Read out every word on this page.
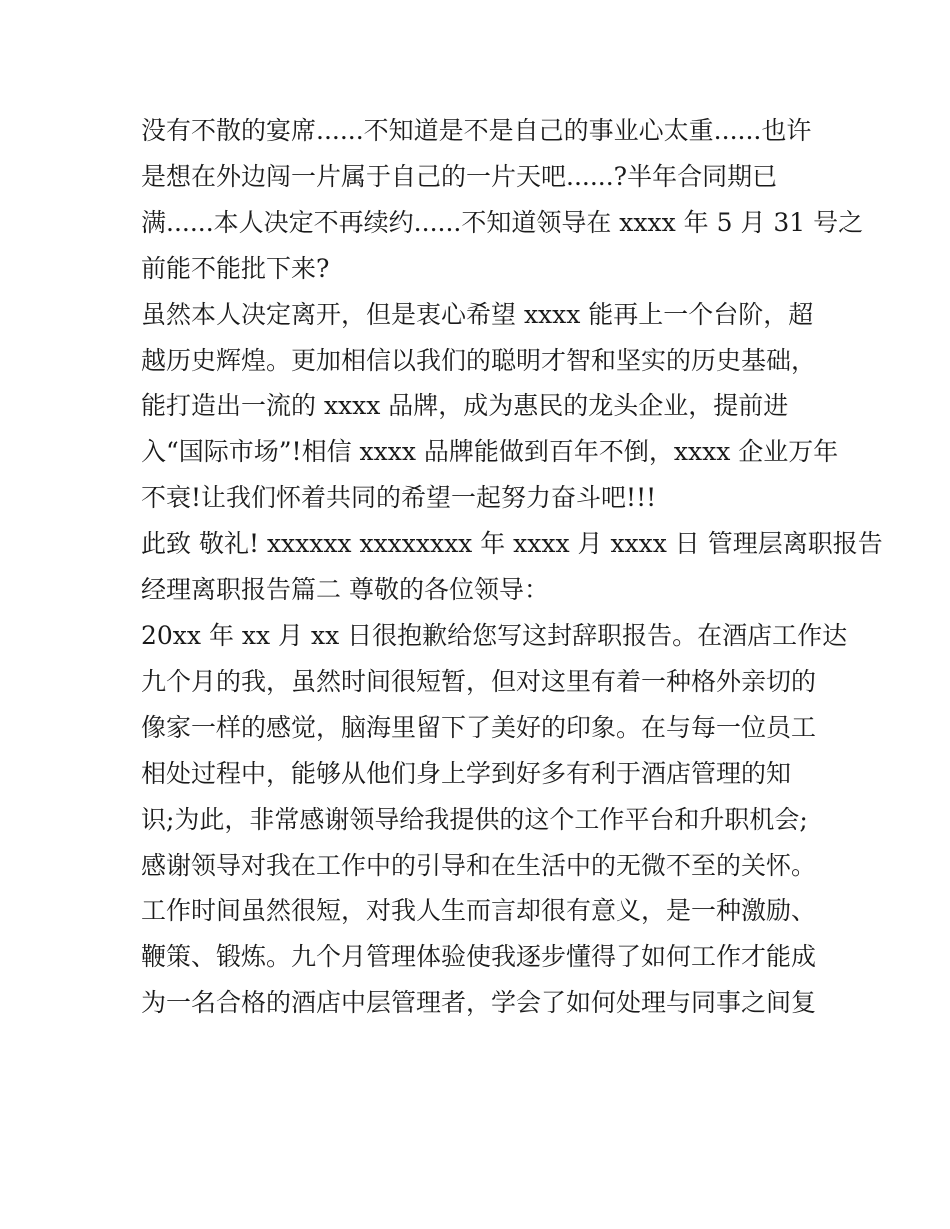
没有不散的宴席......不知道是不是自己的事业心太重......也许

是想在外边闯一片属于自己的一片天吧......?半年合同期已

满......本人决定不再续约......不知道领导在 xxxx 年 5 月 31 号之

前能不能批下来?

虽然本人决定离开，但是衷心希望 xxxx 能再上一个台阶，超

越历史辉煌。更加相信以我们的聪明才智和坚实的历史基础，

能打造出一流的 xxxx 品牌，成为惠民的龙头企业，提前进

入“国际市场”!相信 xxxx 品牌能做到百年不倒，xxxx 企业万年

不衰!让我们怀着共同的希望一起努力奋斗吧!!!

此致 敬礼! xxxxxx xxxxxxxx 年 xxxx 月 xxxx 日 管理层离职报告

经理离职报告篇二 尊敬的各位领导：

20xx 年 xx 月 xx 日很抱歉给您写这封辞职报告。在酒店工作达

九个月的我，虽然时间很短暂，但对这里有着一种格外亲切的

像家一样的感觉，脑海里留下了美好的印象。在与每一位员工

相处过程中，能够从他们身上学到好多有利于酒店管理的知

识;为此，非常感谢领导给我提供的这个工作平台和升职机会;

感谢领导对我在工作中的引导和在生活中的无微不至的关怀。

工作时间虽然很短，对我人生而言却很有意义，是一种激励、

鞭策、锻炼。九个月管理体验使我逐步懂得了如何工作才能成

为一名合格的酒店中层管理者，学会了如何处理与同事之间复
